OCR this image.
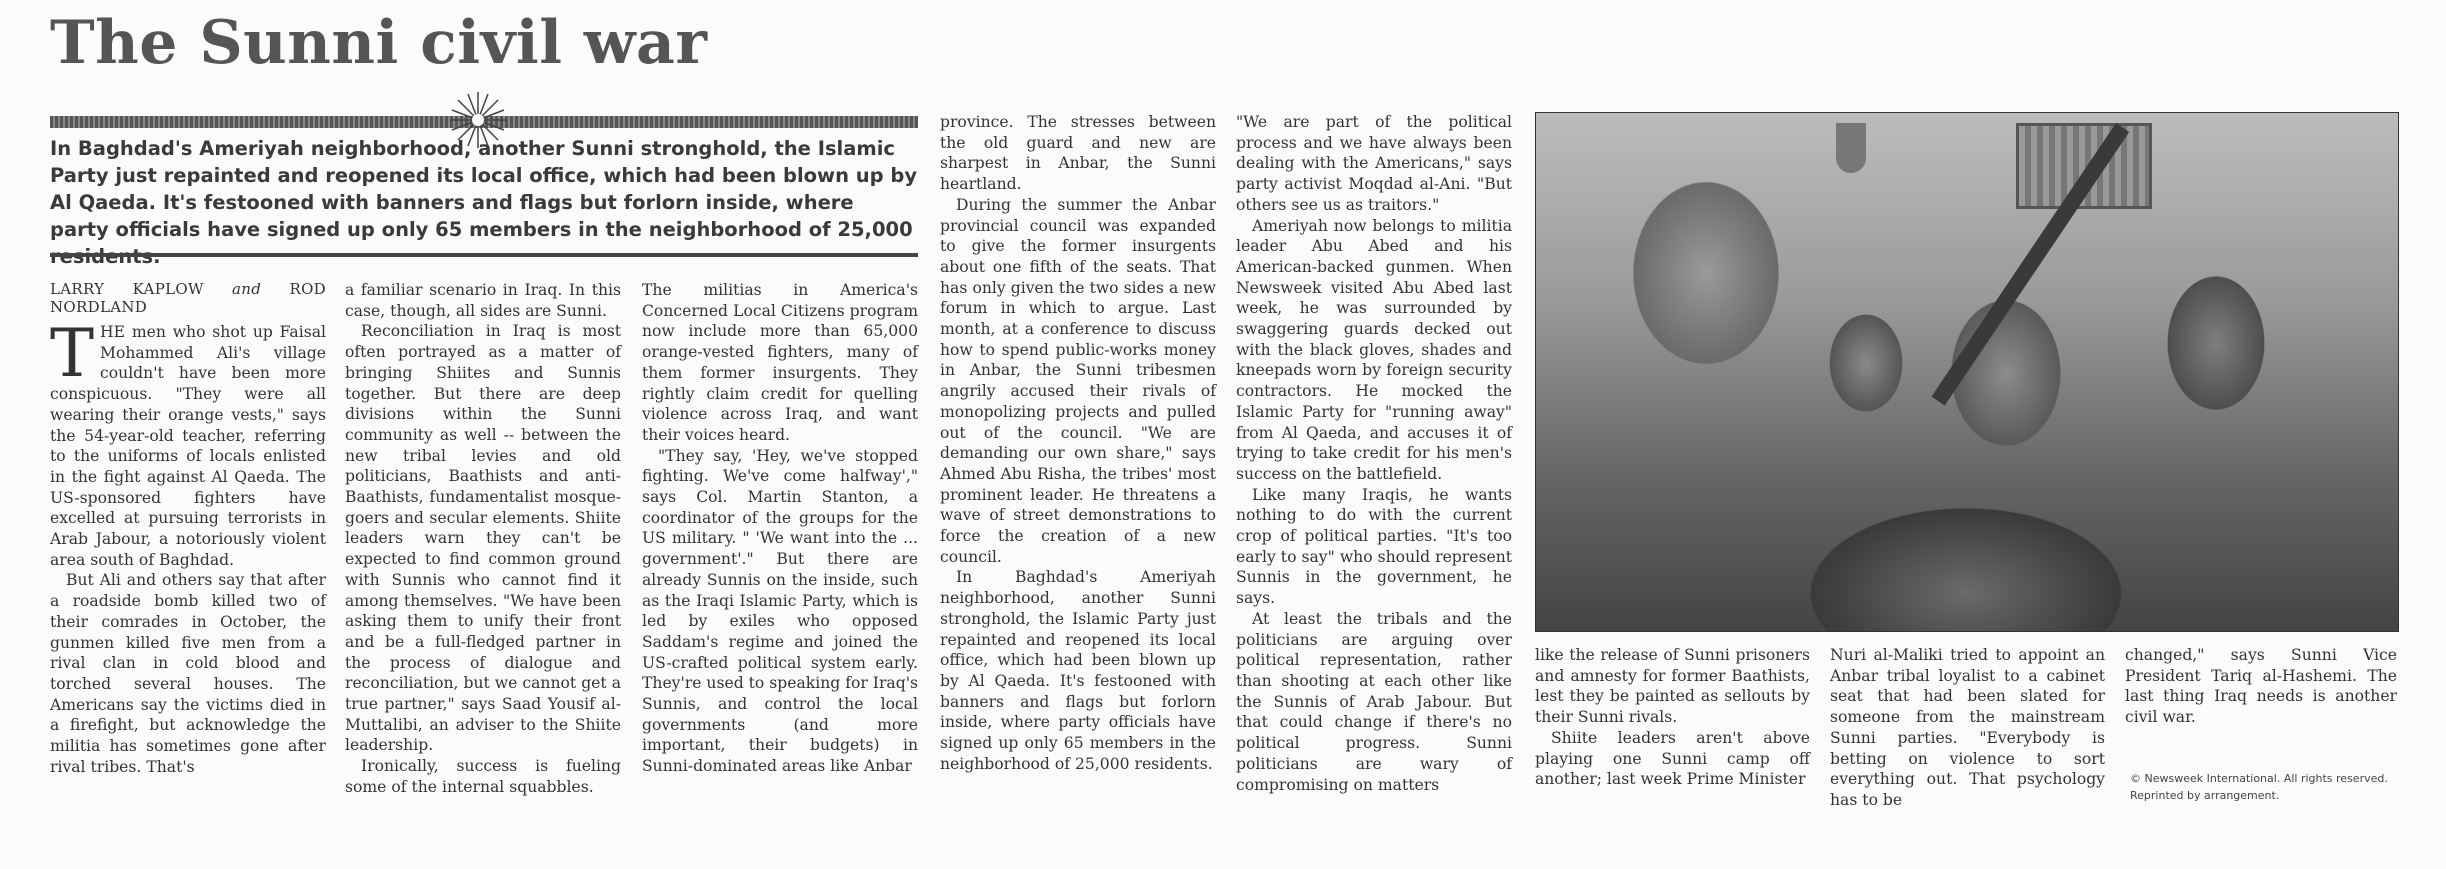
The Sunni civil war
In Baghdad's Ameriyah neighborhood, another Sunni stronghold, the Islamic Party just repainted and reopened its local office, which had been blown up by Al Qaeda. It's festooned with banners and flags but forlorn inside, where party officials have signed up only 65 members in the neighborhood of 25,000
LARRY KAPLOW and ROD NORDLAND

THE men who shot up Faisal Mohammed Ali's village couldn't have been more conspicuous. "They were all wearing their orange vests," says the 54-year-old teacher, referring to the uniforms of locals enlisted in the fight against Al Qaeda. The US-sponsored fighters have excelled at pursuing terrorists in Arab Jabour, a notoriously violent area south of Baghdad.

But Ali and others say that after a roadside bomb killed two of their comrades in October, the gunmen killed five men from a rival clan in cold blood and torched several houses. The Americans say the victims died in a firefight, but acknowledge the militia has sometimes gone after rival tribes. That's

a familiar scenario in Iraq. In this case, though, all sides are Sunni.

Reconciliation in Iraq is most often portrayed as a matter of bringing Shiites and Sunnis together. But there are deep divisions within the Sunni community as well -- between the new tribal levies and old politicians, Baathists and anti-Baathists, fundamentalist mosque-goers and secular elements. Shiite leaders warn they can't be expected to find common ground with Sunnis who cannot find it among themselves. "We have been asking them to unify their front and be a full-fledged partner in the process of dialogue and reconciliation, but we cannot get a true partner," says Saad Yousif al-Muttalibi, an adviser to the Shiite leadership.

Ironically, success is fueling some of the internal squabbles.

The militias in America's Concerned Local Citizens program now include more than 65,000 orange-vested fighters, many of them former insurgents. They rightly claim credit for quelling violence across Iraq, and want their voices heard.

"They say, 'Hey, we've stopped fighting. We've come halfway'," says Col. Martin Stanton, a coordinator of the groups for the US military. " 'We want into the ... government'." But there are already Sunnis on the inside, such as the Iraqi Islamic Party, which is led by exiles who opposed Saddam's regime and joined the US-crafted political system early. They're used to speaking for Iraq's Sunnis, and control the local governments (and more important, their budgets) in Sunni-dominated areas like Anbar

province. The stresses between the old guard and new are sharpest in Anbar, the Sunni heartland.

During the summer the Anbar provincial council was expanded to give the former insurgents about one fifth of the seats. That has only given the two sides a new forum in which to argue. Last month, at a conference to discuss how to spend public-works money in Anbar, the Sunni tribesmen angrily accused their rivals of monopolizing projects and pulled out of the council. "We are demanding our own share," says Ahmed Abu Risha, the tribes' most prominent leader. He threatens a wave of street demonstrations to force the creation of a new council.

In Baghdad's Ameriyah neighborhood, another Sunni stronghold, the Islamic Party just repainted and reopened its local office, which had been blown up by Al Qaeda. It's festooned with banners and flags but forlorn inside, where party officials have signed up only 65 members in the neighborhood of 25,000 residents.

"We are part of the political process and we have always been dealing with the Americans," says party activist Moqdad al-Ani. "But others see us as traitors."

Ameriyah now belongs to militia leader Abu Abed and his American-backed gunmen. When Newsweek visited Abu Abed last week, he was surrounded by swaggering guards decked out with the black gloves, shades and kneepads worn by foreign security contractors. He mocked the Islamic Party for "running away" from Al Qaeda, and accuses it of trying to take credit for his men's success on the battlefield.

Like many Iraqis, he wants nothing to do with the current crop of political parties. "It's too early to say" who should represent Sunnis in the government, he says.

At least the tribals and the politicians are arguing over political representation, rather than shooting at each other like the Sunnis of Arab Jabour. But that could change if there's no political progress. Sunni politicians are wary of compromising on matters

like the release of Sunni prisoners and amnesty for former Baathists, lest they be painted as sellouts by their Sunni rivals.

Shiite leaders aren't above playing one Sunni camp off another; last week Prime Minister

Nuri al-Maliki tried to appoint an Anbar tribal loyalist to a cabinet seat that had been slated for someone from the mainstream Sunni parties. "Everybody is betting on violence to sort everything out. That psychology has to be

changed," says Sunni Vice President Tariq al-Hashemi. The last thing Iraq needs is another civil war.

© Newsweek International. All rights reserved.
Reprinted by arrangement.
